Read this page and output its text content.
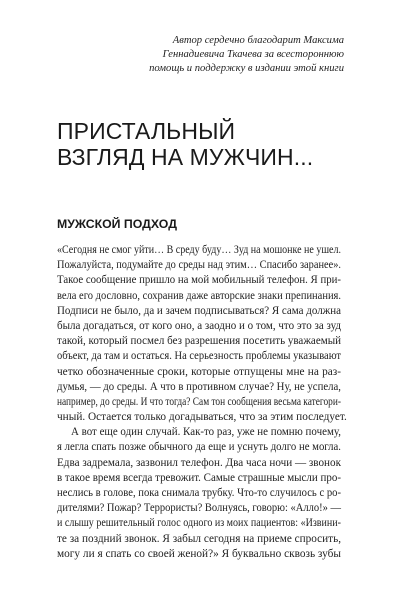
Автор сердечно благодарит Максима
Геннадиевича Ткачева за всестороннюю
помощь и поддержку в издании этой книги
ПРИСТАЛЬНЫЙ
ВЗГЛЯД НА МУЖЧИН...
МУЖСКОЙ ПОДХОД
«Сегодня не смог уйти… В среду буду… Зуд на мошонке не ушел.
Пожалуйста, подумайте до среды над этим… Спасибо заранее».
Такое сообщение пришло на мой мобильный телефон. Я при-
вела его дословно, сохранив даже авторские знаки препинания.
Подписи не было, да и зачем подписываться? Я сама должна
была догадаться, от кого оно, а заодно и о том, что это за зуд
такой, который посмел без разрешения посетить уважаемый
объект, да там и остаться. На серьезность проблемы указывают
четко обозначенные сроки, которые отпущены мне на раз-
думья, — до среды. А что в противном случае? Ну, не успела,
например, до среды. И что тогда? Сам тон сообщения весьма категори-
чный. Остается только догадываться, что за этим последует.
А вот еще один случай. Как-то раз, уже не помню почему,
я легла спать позже обычного да еще и уснуть долго не могла.
Едва задремала, зазвонил телефон. Два часа ночи — звонок
в такое время всегда тревожит. Самые страшные мысли про-
неслись в голове, пока снимала трубку. Что-то случилось с ро-
дителями? Пожар? Террористы? Волнуясь, говорю: «Алло!» —
и слышу решительный голос одного из моих пациентов: «Извини-
те за поздний звонок. Я забыл сегодня на приеме спросить,
могу ли я спать со своей женой?» Я буквально сквозь зубы
